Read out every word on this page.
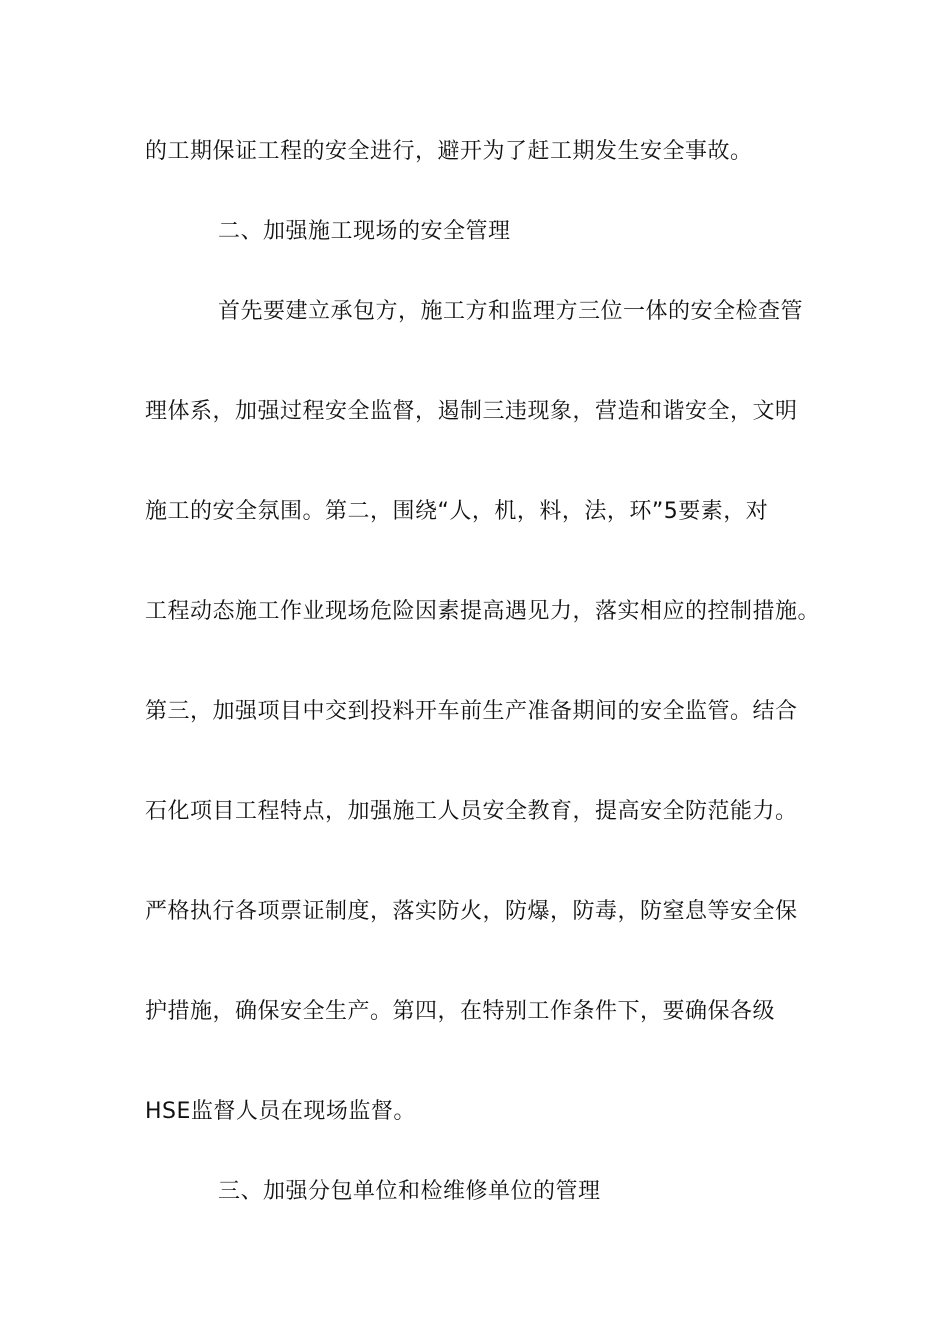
的工期保证工程的安全进行，避开为了赶工期发生安全事故。
二、加强施工现场的安全管理
首先要建立承包方，施工方和监理方三位一体的安全检查管
理体系，加强过程安全监督，遏制三违现象，营造和谐安全，文明
施工的安全氛围。第二，围绕“人，机，料，法，环”5要素，对
工程动态施工作业现场危险因素提高遇见力，落实相应的控制措施。
第三，加强项目中交到投料开车前生产准备期间的安全监管。结合
石化项目工程特点，加强施工人员安全教育，提高安全防范能力。
严格执行各项票证制度，落实防火，防爆，防毒，防窒息等安全保
护措施，确保安全生产。第四，在特别工作条件下，要确保各级
HSE监督人员在现场监督。
三、加强分包单位和检维修单位的管理
